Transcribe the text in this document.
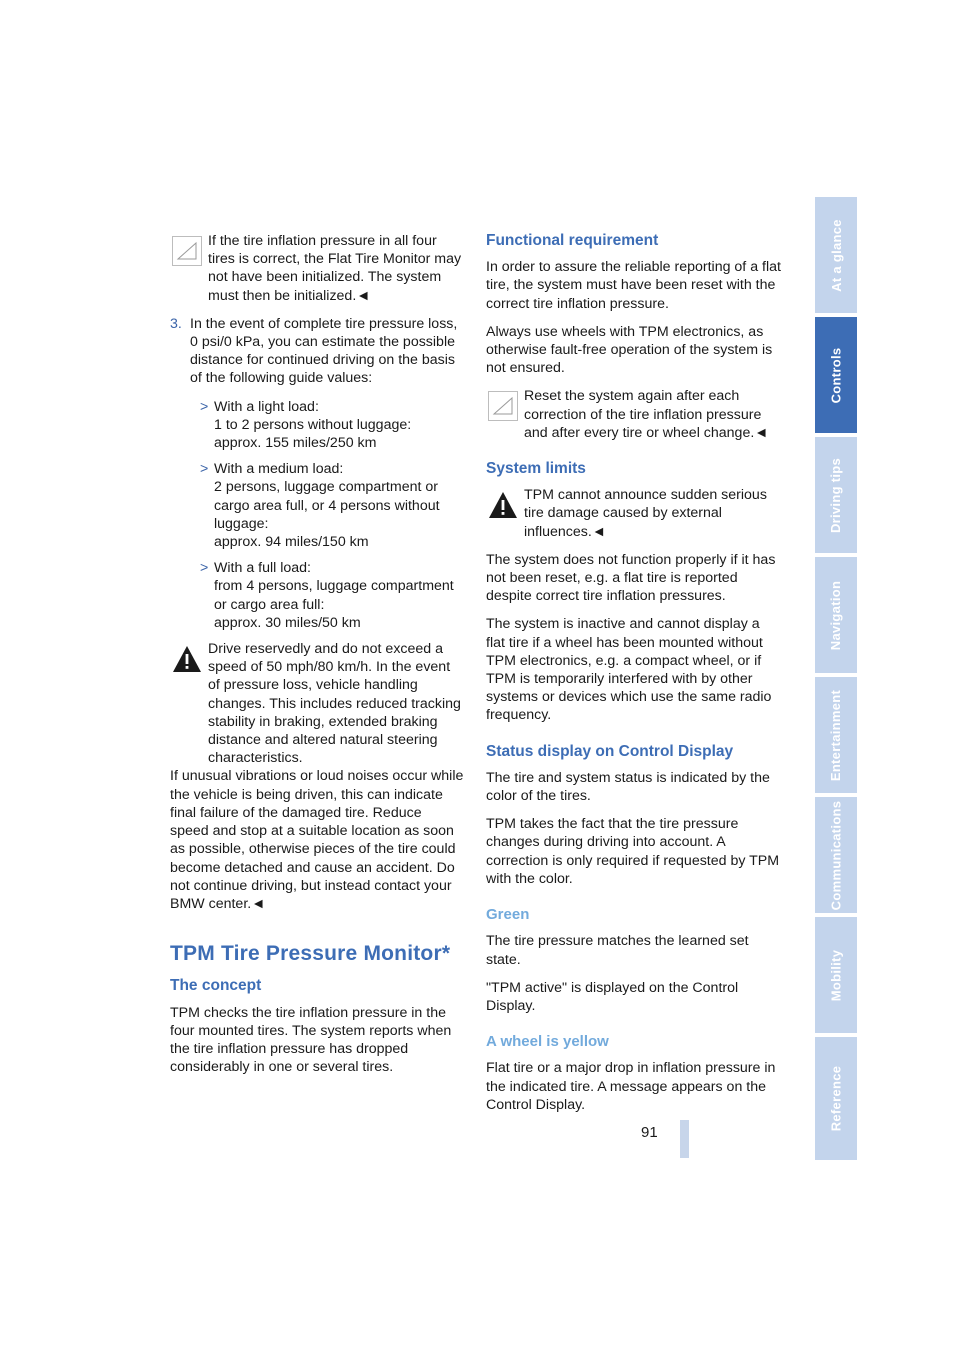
If the tire inflation pressure in all four tires is correct, the Flat Tire Monitor may not have been initialized. The system must then be initialized.◄
3. In the event of complete tire pressure loss, 0 psi/0 kPa, you can estimate the possible distance for continued driving on the basis of the following guide values:

> With a light load:
1 to 2 persons without luggage:
approx. 155 miles/250 km
> With a medium load:
2 persons, luggage compartment or cargo area full, or 4 persons without luggage:
approx. 94 miles/150 km
> With a full load:
from 4 persons, luggage compartment or cargo area full:
approx. 30 miles/50 km
Drive reservedly and do not exceed a speed of 50 mph/80 km/h. In the event of pressure loss, vehicle handling changes. This includes reduced tracking stability in braking, extended braking distance and altered natural steering characteristics.
If unusual vibrations or loud noises occur while the vehicle is being driven, this can indicate final failure of the damaged tire. Reduce speed and stop at a suitable location as soon as possible, otherwise pieces of the tire could become detached and cause an accident. Do not continue driving, but instead contact your BMW center.◄
TPM Tire Pressure Monitor*
The concept

TPM checks the tire inflation pressure in the four mounted tires. The system reports when the tire inflation pressure has dropped considerably in one or several tires.

Functional requirement

In order to assure the reliable reporting of a flat tire, the system must have been reset with the correct tire inflation pressure.

Always use wheels with TPM electronics, as otherwise fault-free operation of the system is not ensured.

Reset the system again after each correction of the tire inflation pressure and after every tire or wheel change.◄
System limits
TPM cannot announce sudden serious tire damage caused by external influences.◄

The system does not function properly if it has not been reset, e.g. a flat tire is reported despite correct tire inflation pressures.

The system is inactive and cannot display a flat tire if a wheel has been mounted without TPM electronics, e.g. a compact wheel, or if TPM is temporarily interfered with by other systems or devices which use the same radio frequency.

Status display on Control Display

The tire and system status is indicated by the color of the tires.

TPM takes the fact that the tire pressure changes during driving into account. A correction is only required if requested by TPM with the color.

Green

The tire pressure matches the learned set state.

"TPM active" is displayed on the Control Display.

A wheel is yellow

Flat tire or a major drop in inflation pressure in the indicated tire. A message appears on the Control Display.

91
At a glance
Controls
Driving tips
Navigation
Entertainment
Communications
Mobility
Reference
